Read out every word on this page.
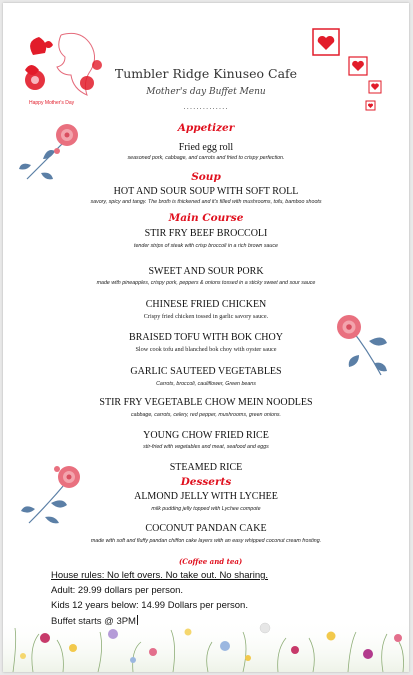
Happy Mother's Day
Tumbler Ridge Kinuseo Cafe
Mother's day Buffet Menu
..............
Appetizer
Fried egg roll
seasoned pork, cabbage, and carrots and fried to crispy perfection.
Soup
HOT AND SOUR SOUP WITH SOFT ROLL
savory, spicy and tangy. The broth is thickened and it's filled with mushrooms, tofu, bamboo shoots
Main Course
STIR FRY BEEF BROCCOLI
tender strips of steak with crisp broccoli in a rich brown sauce
SWEET AND SOUR PORK
made with pineapples, crispy pork, peppers & onions tossed in a sticky sweet and sour sauce
CHINESE FRIED CHICKEN
Crispy fried chicken tossed in garlic savory sauce.
BRAISED TOFU WITH BOK CHOY
Slow cook tofu and blanched bok choy with oyster sauce
GARLIC SAUTEED VEGETABLES
Carrots, broccoli, cauliflower, Green beans
STIR FRY VEGETABLE CHOW MEIN NOODLES
cabbage, carrots, celery, red pepper, mushrooms, green onions.
YOUNG CHOW FRIED RICE
stir-fried with vegetables and meat, seafood and eggs
STEAMED RICE
Desserts
ALMOND JELLY WITH LYCHEE
milk pudding jelly topped with Lychee compote
COCONUT PANDAN CAKE
made with soft and fluffy pandan chiffon cake layers with an easy whipped coconut cream frosting.
(Coffee and tea)
House rules: No left overs. No take out. No sharing.
Adult: 29.99 dollars per person.
Kids 12 years below: 14.99 Dollars per person.
